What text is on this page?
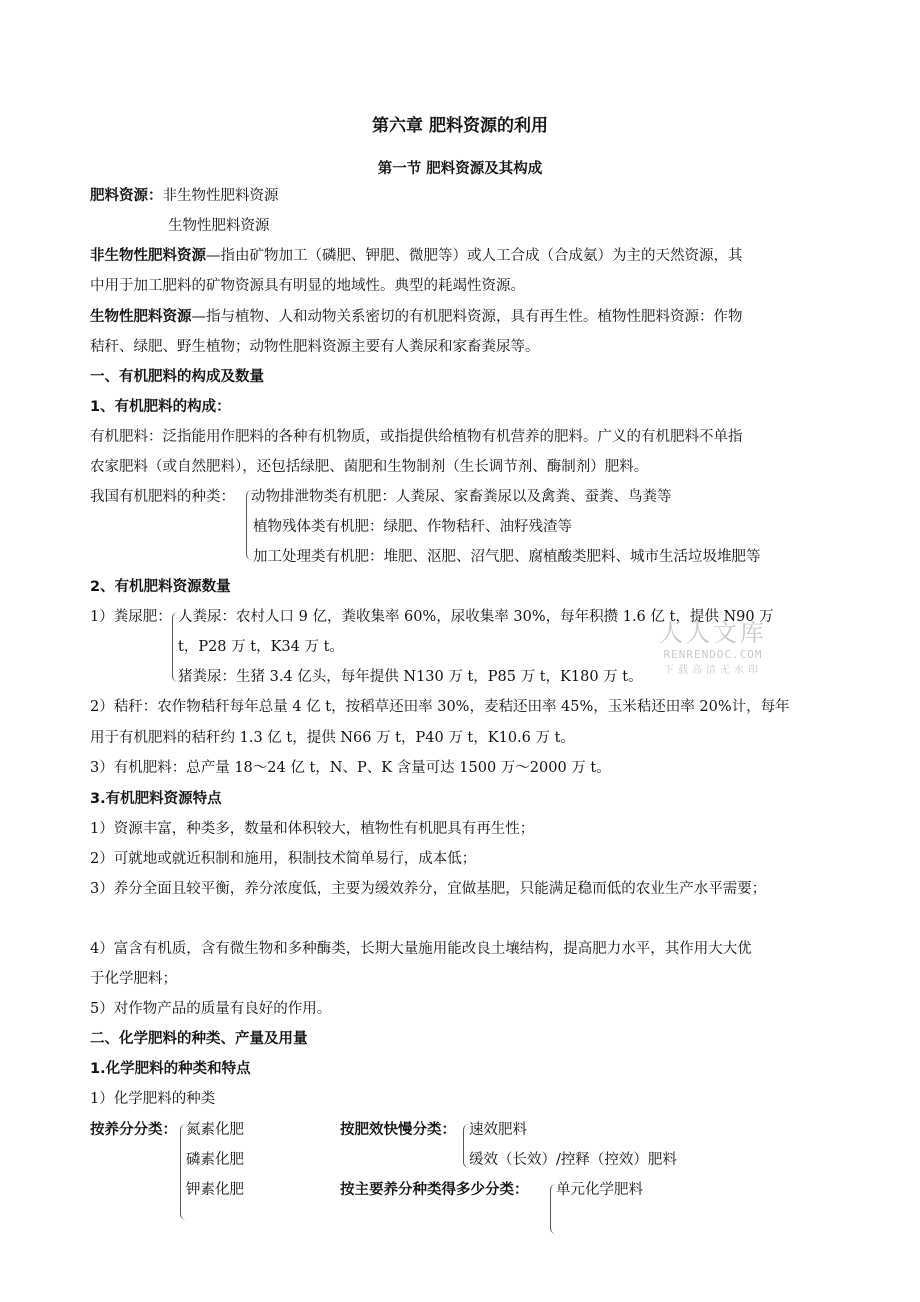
第六章 肥料资源的利用
第一节 肥料资源及其构成
肥料资源：非生物性肥料资源
生物性肥料资源
非生物性肥料资源—指由矿物加工（磷肥、钾肥、微肥等）或人工合成（合成氨）为主的天然资源，其
中用于加工肥料的矿物资源具有明显的地域性。典型的耗竭性资源。
生物性肥料资源—指与植物、人和动物关系密切的有机肥料资源，具有再生性。植物性肥料资源：作物
秸秆、绿肥、野生植物；动物性肥料资源主要有人粪尿和家畜粪尿等。
一、有机肥料的构成及数量
1、有机肥料的构成：
有机肥料：泛指能用作肥料的各种有机物质，或指提供给植物有机营养的肥料。广义的有机肥料不单指
农家肥料（或自然肥料），还包括绿肥、菌肥和生物制剂（生长调节剂、酶制剂）肥料。
我国有机肥料的种类： 动物排泄物类有机肥：人粪尿、家畜粪尿以及禽粪、蚕粪、鸟粪等
植物残体类有机肥：绿肥、作物秸秆、油籽残渣等
加工处理类有机肥：堆肥、沤肥、沼气肥、腐植酸类肥料、城市生活垃圾堆肥等
2、有机肥料资源数量
1）粪尿肥： 人粪尿：农村人口 9 亿，粪收集率 60%，尿收集率 30%，每年积攒 1.6 亿 t，提供 N90 万
t，P28 万 t，K34 万 t。
猪粪尿：生猪 3.4 亿头，每年提供 N130 万 t，P85 万 t，K180 万 t。
2）秸秆：农作物秸秆每年总量 4 亿 t，按稻草还田率 30%，麦秸还田率 45%，玉米秸还田率 20%计，每年
用于有机肥料的秸秆约 1.3 亿 t，提供 N66 万 t，P40 万 t，K10.6 万 t。
3）有机肥料：总产量 18～24 亿 t，N、P、K 含量可达 1500 万～2000 万 t。
3.有机肥料资源特点
1）资源丰富，种类多，数量和体积较大，植物性有机肥具有再生性；
2）可就地或就近积制和施用，积制技术简单易行，成本低；
3）养分全面且较平衡，养分浓度低，主要为缓效养分，宜做基肥，只能满足稳而低的农业生产水平需要；
4）富含有机质，含有微生物和多种酶类，长期大量施用能改良土壤结构，提高肥力水平，其作用大大优
于化学肥料；
5）对作物产品的质量有良好的作用。
二、化学肥料的种类、产量及用量
1.化学肥料的种类和特点
1）化学肥料的种类
按养分分类： 氮素化肥
磷素化肥
钾素化肥
按肥效快慢分类： 速效肥料
缓效（长效）/控释（控效）肥料
按主要养分种类得多少分类： 单元化学肥料
人人文库
RENRENDOC.COM
下载高清无水印
